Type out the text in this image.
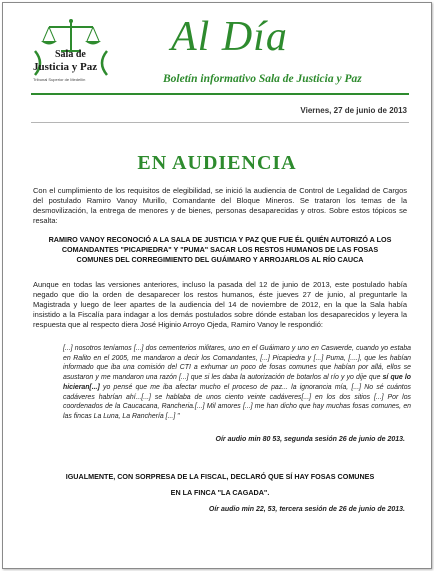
Sala de
Justicia y Paz
Tribunal Superior de Medellín
Al Día
Boletín informativo Sala de Justicia y Paz
Viernes, 27 de junio de 2013
EN AUDIENCIA

Con el cumplimiento de los requisitos de elegibilidad, se inició la audiencia de Control de Legalidad de Cargos del postulado Ramiro Vanoy Murillo, Comandante del Bloque Mineros. Se trataron los temas de la desmovilización, la entrega de menores y de bienes, personas desaparecidas y otros. Sobre estos tópicos se resalta:

RAMIRO VANOY RECONOCIÓ A LA SALA DE JUSTICIA Y PAZ QUE FUE ÉL QUIÉN AUTORIZÓ A LOS COMANDANTES "PICAPIEDRA" Y "PUMA" SACAR LOS RESTOS HUMANOS DE LAS FOSAS COMUNES DEL CORREGIMIENTO DEL GUÁIMARO Y ARROJARLOS AL RÍO CAUCA

Aunque en todas las versiones anteriores, incluso la pasada del 12 de junio de 2013, este postulado había negado que dio la orden de desaparecer los restos humanos, éste jueves 27 de junio, al preguntarle la Magistrada y luego de leer apartes de la audiencia del 14 de noviembre de 2012, en la que la Sala había insistido a la Fiscalía para indagar a los demás postulados sobre dónde estaban los desaparecidos y leyera la respuesta que al respecto diera José Higinio Arroyo Ojeda, Ramiro Vanoy le respondió:

[...] nosotros teníamos [...] dos cementerios militares, uno en el Guáimaro y uno en Caswerde, cuando yo estaba en Ralito en el 2005, me mandaron a decir los Comandantes, [...] Picapiedra y [...] Puma, [....], que les habían informado que iba una comisión del CTI a exhumar un poco de fosas comunes que habían por allá, ellos se asustaron y me mandaron una razón [...] que si les daba la autorización de botarlos al río y yo dije que sí que lo hicieran[...] yo pensé que me iba afectar mucho el proceso de paz... la ignorancia mía, [...] No sé cuántos cadáveres habrían ahí...[...] se hablaba de unos ciento veinte cadáveres[...] en los dos sitios [...] Por los coordenados de la Caucacana, Rancheria.[...] Mil amores [...] me han dicho que hay muchas fosas comunes, en las fincas La Luna, La Ranchería [...] "

Oír audio min 80 53, segunda sesión 26 de junio de 2013.
IGUALMENTE, CON SORPRESA DE LA FISCAL, DECLARÓ QUE SÍ HAY FOSAS COMUNES
EN LA FINCA "LA CAGADA".
Oír audio min 22, 53, tercera sesión de 26 de junio de 2013.
